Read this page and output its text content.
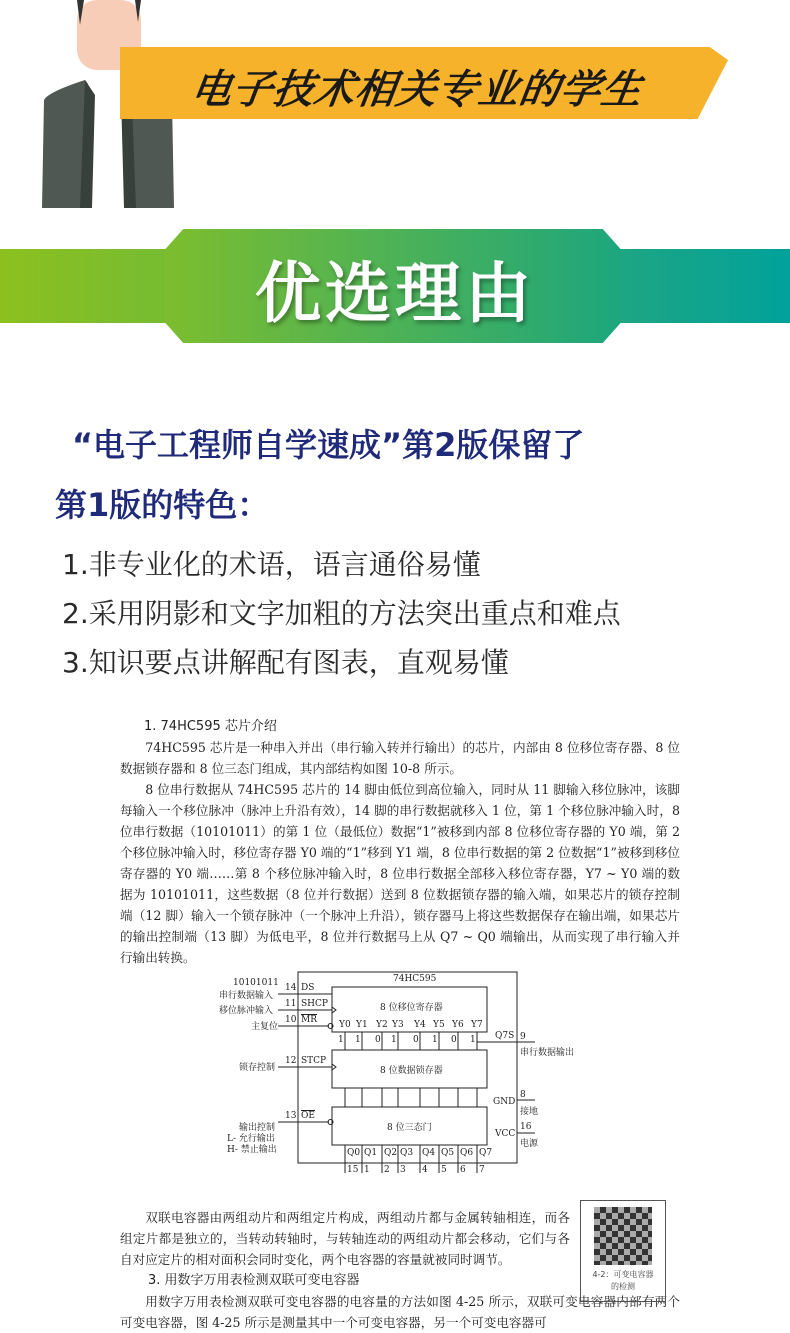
电子技术相关专业的学生
优选理由
“电子工程师自学速成”第2版保留了
第1版的特色：
1.非专业化的术语，语言通俗易懂
2.采用阴影和文字加粗的方法突出重点和难点
3.知识要点讲解配有图表，直观易懂
1. 74HC595 芯片介绍
74HC595 芯片是一种串入并出（串行输入转并行输出）的芯片，内部由 8 位移位寄存器、8 位数据锁存器和 8 位三态门组成，其内部结构如图 10-8 所示。
8 位串行数据从 74HC595 芯片的 14 脚由低位到高位输入，同时从 11 脚输入移位脉冲，该脚每输入一个移位脉冲（脉冲上升沿有效），14 脚的串行数据就移入 1 位，第 1 个移位脉冲输入时，8 位串行数据（10101011）的第 1 位（最低位）数据“1”被移到内部 8 位移位寄存器的 Y0 端，第 2 个移位脉冲输入时，移位寄存器 Y0 端的“1”移到 Y1 端，8 位串行数据的第 2 位数据“1”被移到移位寄存器的 Y0 端……第 8 个移位脉冲输入时，8 位串行数据全部移入移位寄存器，Y7 ~ Y0 端的数据为 10101011，这些数据（8 位并行数据）送到 8 位数据锁存器的输入端，如果芯片的锁存控制端（12 脚）输入一个锁存脉冲（一个脉冲上升沿），锁存器马上将这些数据保存在输出端，如果芯片的输出控制端（13 脚）为低电平，8 位并行数据马上从 Q7 ~ Q0 端输出，从而实现了串行输入并行输出转换。
74HC595
10101011
串行数据输入
移位脉冲输入
主复位
锁存控制
输出控制
L- 允行输出
H- 禁止输出
14 DS
11 SHCP
10 $\overline{MR}$
12 STCP
13 $\overline{OE}$
8 位移位寄存器
8 位数据锁存器
8 位三态门
Y0 Y1 Y2 Y3 Y4 Y5 Y6 Y7
1 1 0 1 0 1 0 1
Q0 Q1 Q2 Q3 Q4 Q5 Q6 Q7
15 1 2 3 4 5 6 7
Q7S 9
串行数据输出
GND
8
接地
VCC
16
电源
双联电容器由两组动片和两组定片构成，两组动片都与金属转轴相连，而各组定片都是独立的，当转动转轴时，与转轴连动的两组动片都会移动，它们与各自对应定片的相对面积会同时变化，两个电容器的容量就被同时调节。
3. 用数字万用表检测双联可变电容器
用数字万用表检测双联可变电容器的电容量的方法如图 4-25 所示，双联可变电容器内部有两个可变电容器，图 4-25 所示是测量其中一个可变电容器，另一个可变电容器可
4-2：可变电容器的检测
